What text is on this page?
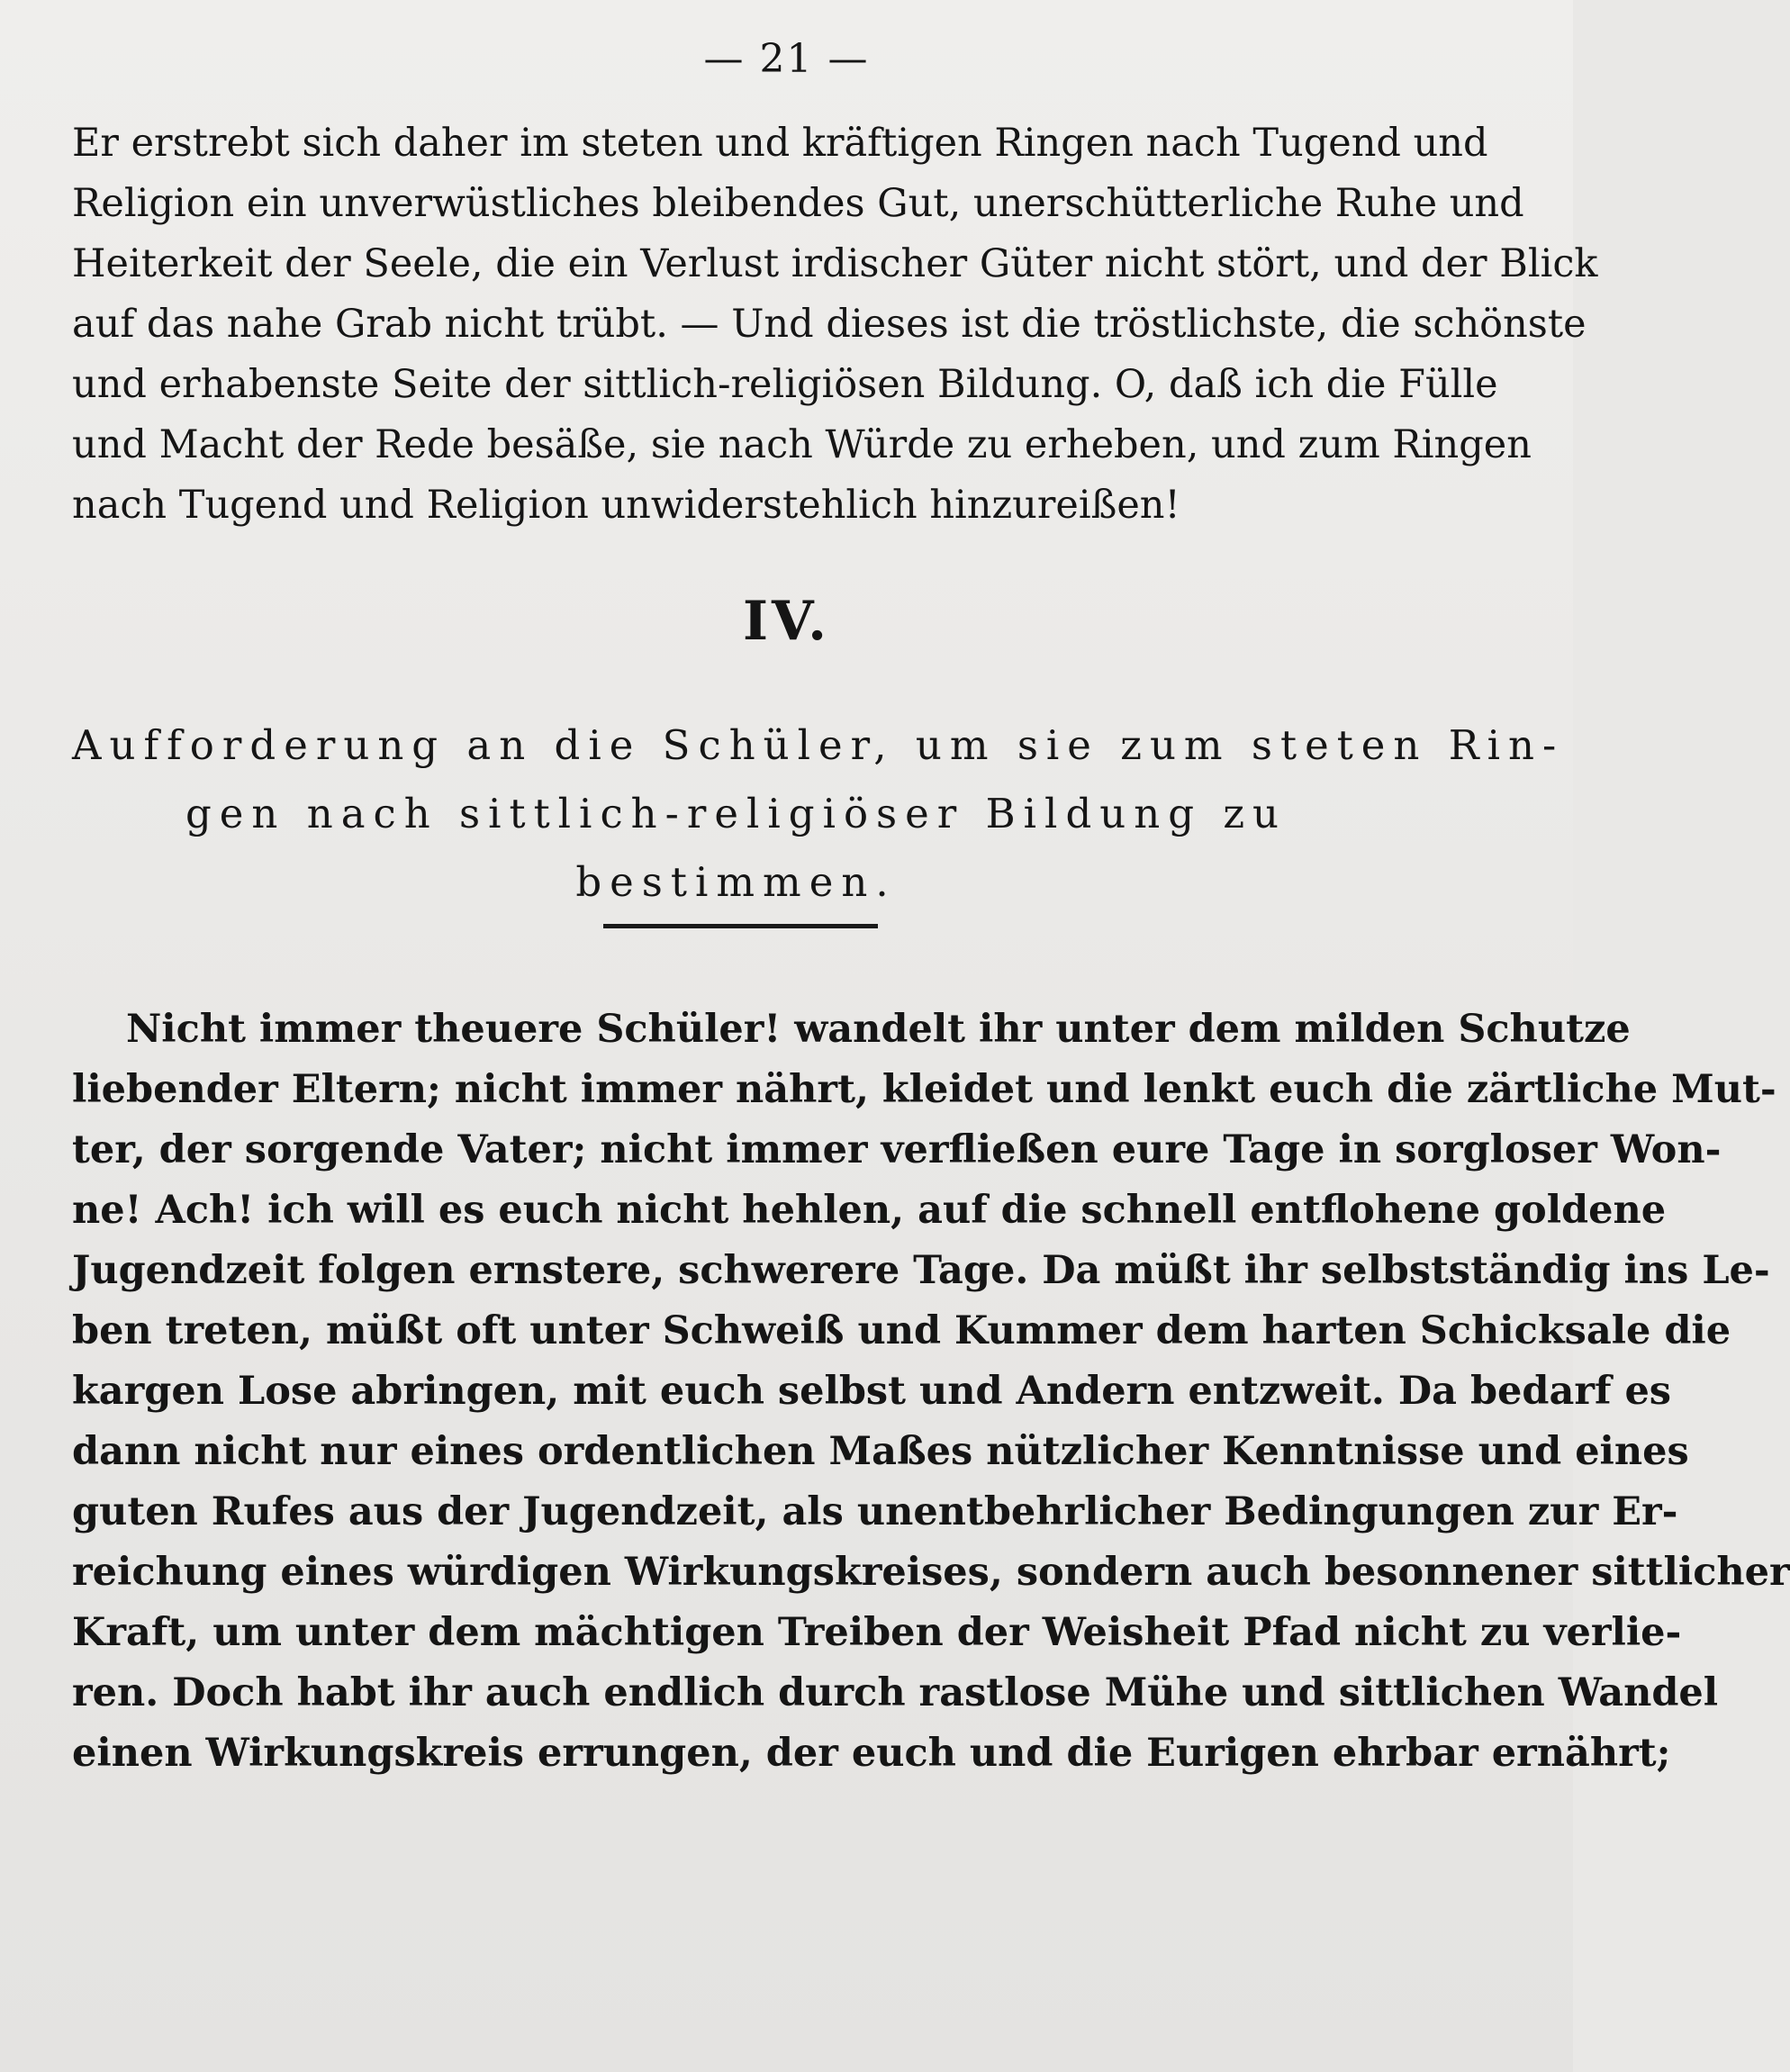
— 21 —
Er erstrebt sich daher im steten und kräftigen Ringen nach Tugend und
Religion ein unverwüstliches bleibendes Gut, unerschütterliche Ruhe und
Heiterkeit der Seele, die ein Verlust irdischer Güter nicht stört, und der Blick
auf das nahe Grab nicht trübt. — Und dieses ist die tröstlichste, die schönste
und erhabenste Seite der sittlich-religiösen Bildung. O, daß ich die Fülle
und Macht der Rede besäße, sie nach Würde zu erheben, und zum Ringen
nach Tugend und Religion unwiderstehlich hinzureißen!
IV.
Aufforderung an die Schüler, um sie zum steten Rin-
gen nach sittlich-religiöser Bildung zu
bestimmen.
Nicht immer theuere Schüler! wandelt ihr unter dem milden Schutze
liebender Eltern; nicht immer nährt, kleidet und lenkt euch die zärtliche Mut-
ter, der sorgende Vater; nicht immer verfließen eure Tage in sorgloser Won-
ne! Ach! ich will es euch nicht hehlen, auf die schnell entflohene goldene
Jugendzeit folgen ernstere, schwerere Tage. Da müßt ihr selbstständig ins Le-
ben treten, müßt oft unter Schweiß und Kummer dem harten Schicksale die
kargen Lose abringen, mit euch selbst und Andern entzweit. Da bedarf es
dann nicht nur eines ordentlichen Maßes nützlicher Kenntnisse und eines
guten Rufes aus der Jugendzeit, als unentbehrlicher Bedingungen zur Er-
reichung eines würdigen Wirkungskreises, sondern auch besonnener sittlicher
Kraft, um unter dem mächtigen Treiben der Weisheit Pfad nicht zu verlie-
ren. Doch habt ihr auch endlich durch rastlose Mühe und sittlichen Wandel
einen Wirkungskreis errungen, der euch und die Eurigen ehrbar ernährt;
